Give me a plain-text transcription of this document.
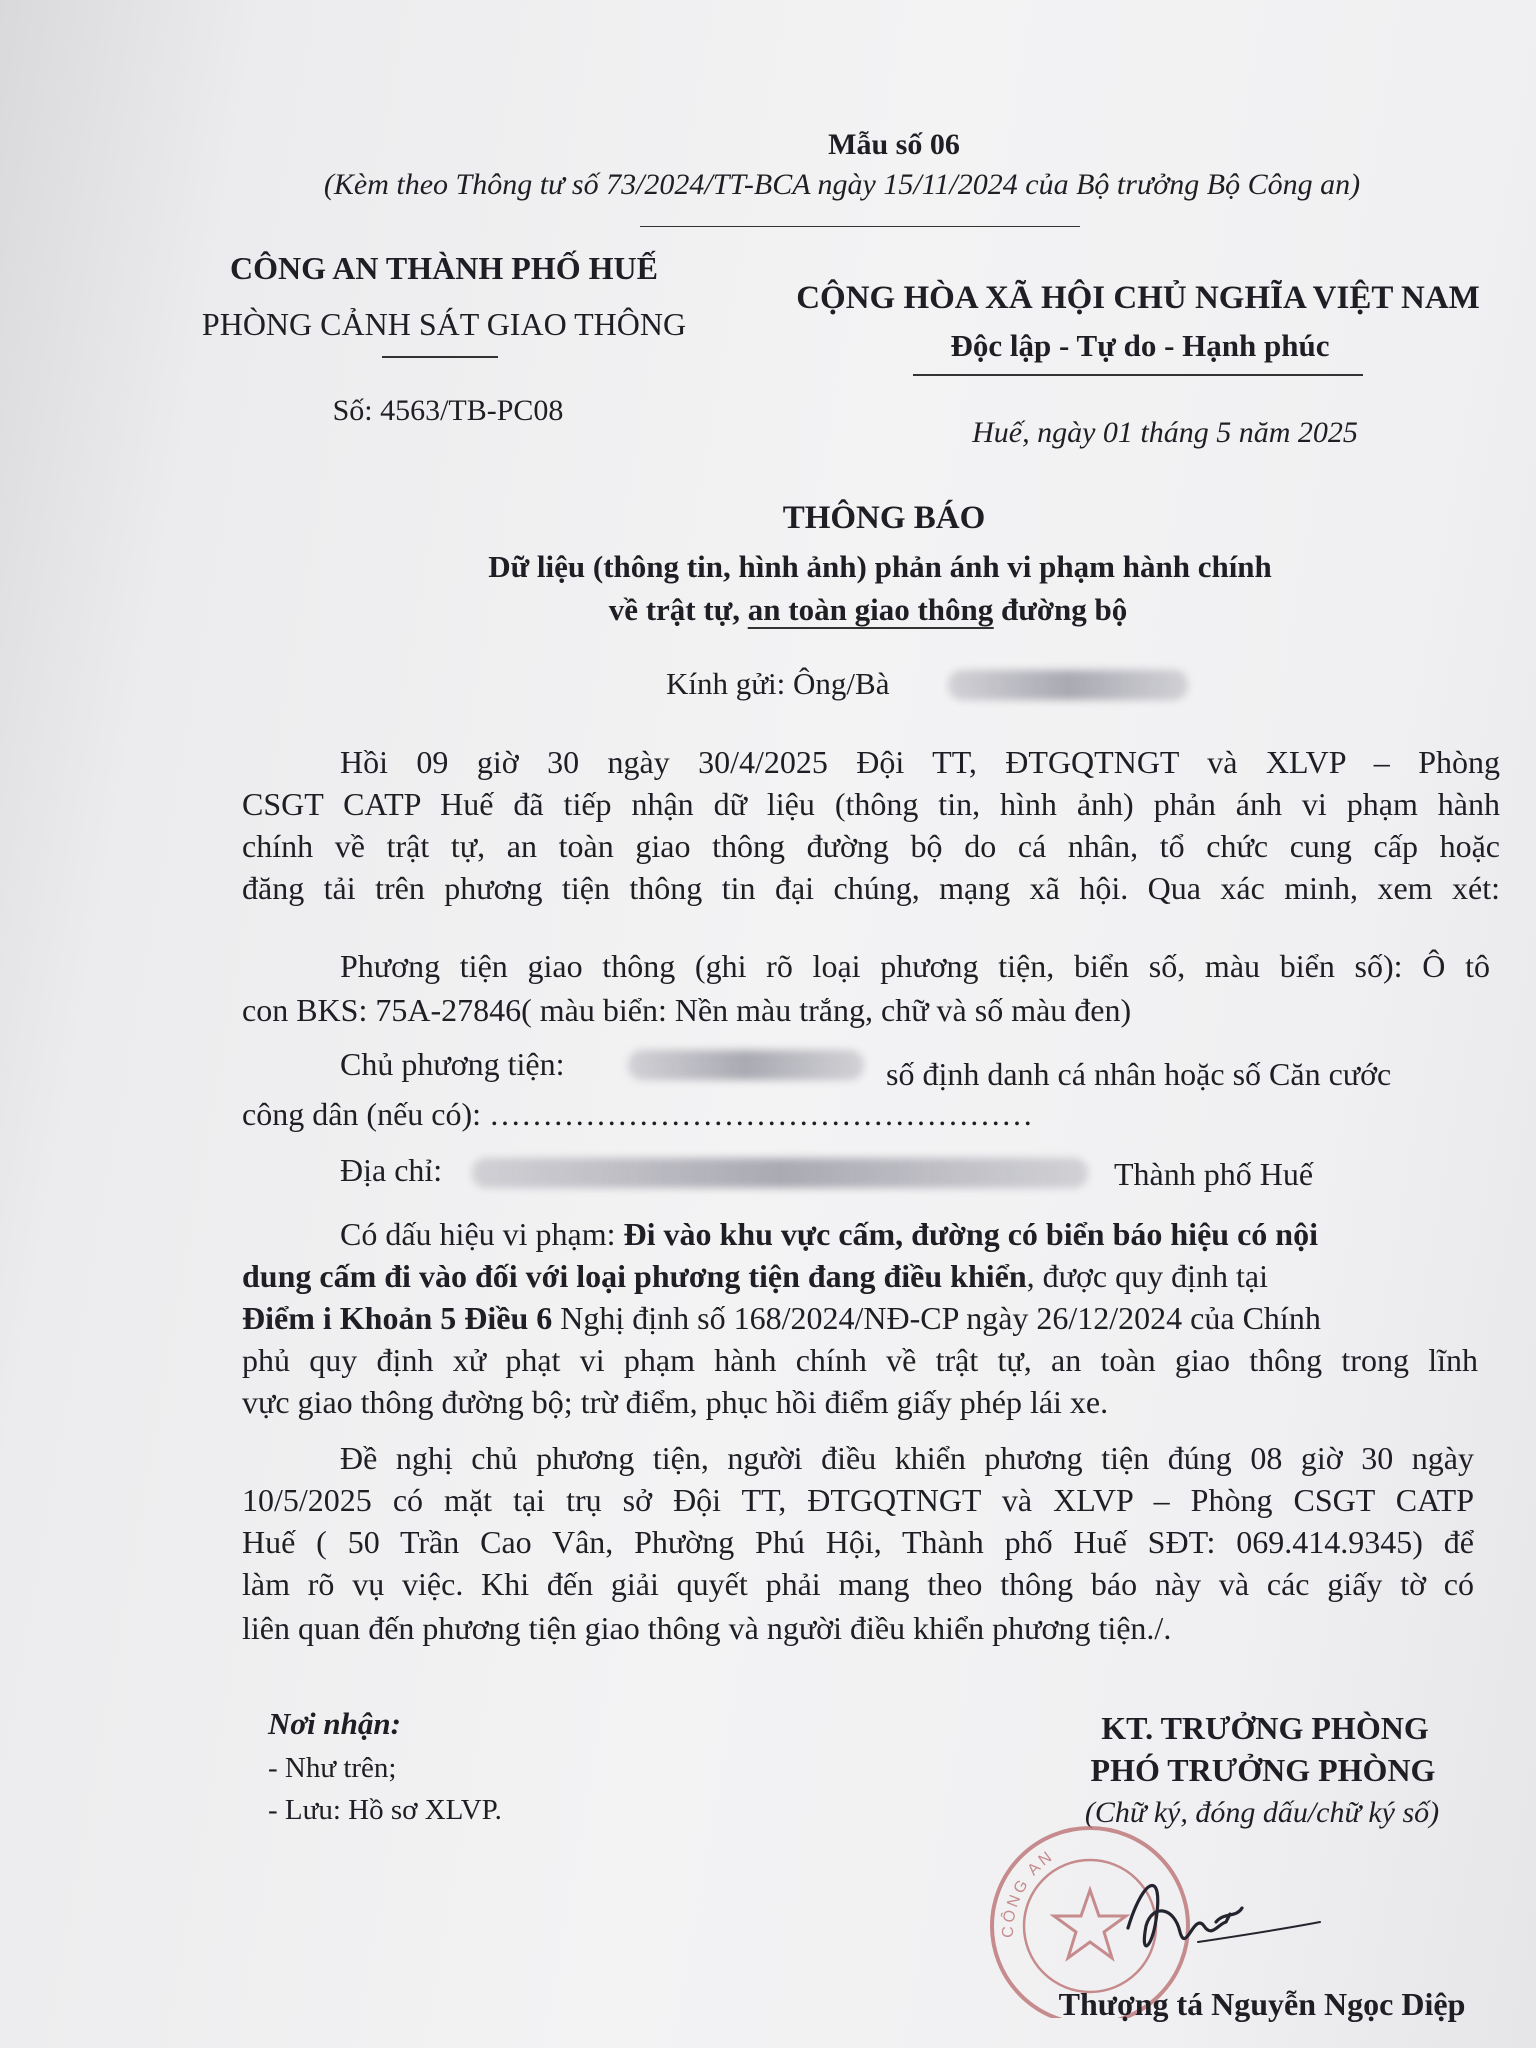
Mẫu số 06
(Kèm theo Thông tư số 73/2024/TT-BCA ngày 15/11/2024 của Bộ trưởng Bộ Công an)
CÔNG AN THÀNH PHỐ HUẾ
PHÒNG CẢNH SÁT GIAO THÔNG
Số: 4563/TB-PC08
CỘNG HÒA XÃ HỘI CHỦ NGHĨA VIỆT NAM
Độc lập - Tự do - Hạnh phúc
Huế, ngày 01 tháng 5 năm 2025
THÔNG BÁO
Dữ liệu (thông tin, hình ảnh) phản ánh vi phạm hành chính
về trật tự, an toàn giao thông đường bộ
Kính gửi: Ông/Bà
Hồi 09 giờ 30 ngày 30/4/2025 Đội TT, ĐTGQTNGT và XLVP – Phòng
CSGT CATP Huế đã tiếp nhận dữ liệu (thông tin, hình ảnh) phản ánh vi phạm hành
chính về trật tự, an toàn giao thông đường bộ do cá nhân, tổ chức cung cấp hoặc
đăng tải trên phương tiện thông tin đại chúng, mạng xã hội. Qua xác minh, xem xét:
Phương tiện giao thông (ghi rõ loại phương tiện, biển số, màu biển số): Ô tô
con BKS: 75A-27846( màu biển: Nền màu trắng, chữ và số màu đen)
Chủ phương tiện:	số định danh cá nhân hoặc số Căn cước
công dân (nếu có): ……………………………………………
Địa chỉ:	Thành phố Huế
Có dấu hiệu vi phạm: Đi vào khu vực cấm, đường có biển báo hiệu có nội
dung cấm đi vào đối với loại phương tiện đang điều khiển, được quy định tại
Điểm i Khoản 5 Điều 6 Nghị định số 168/2024/NĐ-CP ngày 26/12/2024 của Chính
phủ quy định xử phạt vi phạm hành chính về trật tự, an toàn giao thông trong lĩnh
vực giao thông đường bộ; trừ điểm, phục hồi điểm giấy phép lái xe.
Đề nghị chủ phương tiện, người điều khiển phương tiện đúng 08 giờ 30 ngày
10/5/2025 có mặt tại trụ sở Đội TT, ĐTGQTNGT và XLVP – Phòng CSGT CATP
Huế ( 50 Trần Cao Vân, Phường Phú Hội, Thành phố Huế SĐT: 069.414.9345) để
làm rõ vụ việc. Khi đến giải quyết phải mang theo thông báo này và các giấy tờ có
liên quan đến phương tiện giao thông và người điều khiển phương tiện./.
Nơi nhận:
- Như trên;
- Lưu: Hồ sơ XLVP.
KT. TRƯỞNG PHÒNG
PHÓ TRƯỞNG PHÒNG
(Chữ ký, đóng dấu/chữ ký số)
CÔNG AN
Thượng tá Nguyễn Ngọc Diệp
